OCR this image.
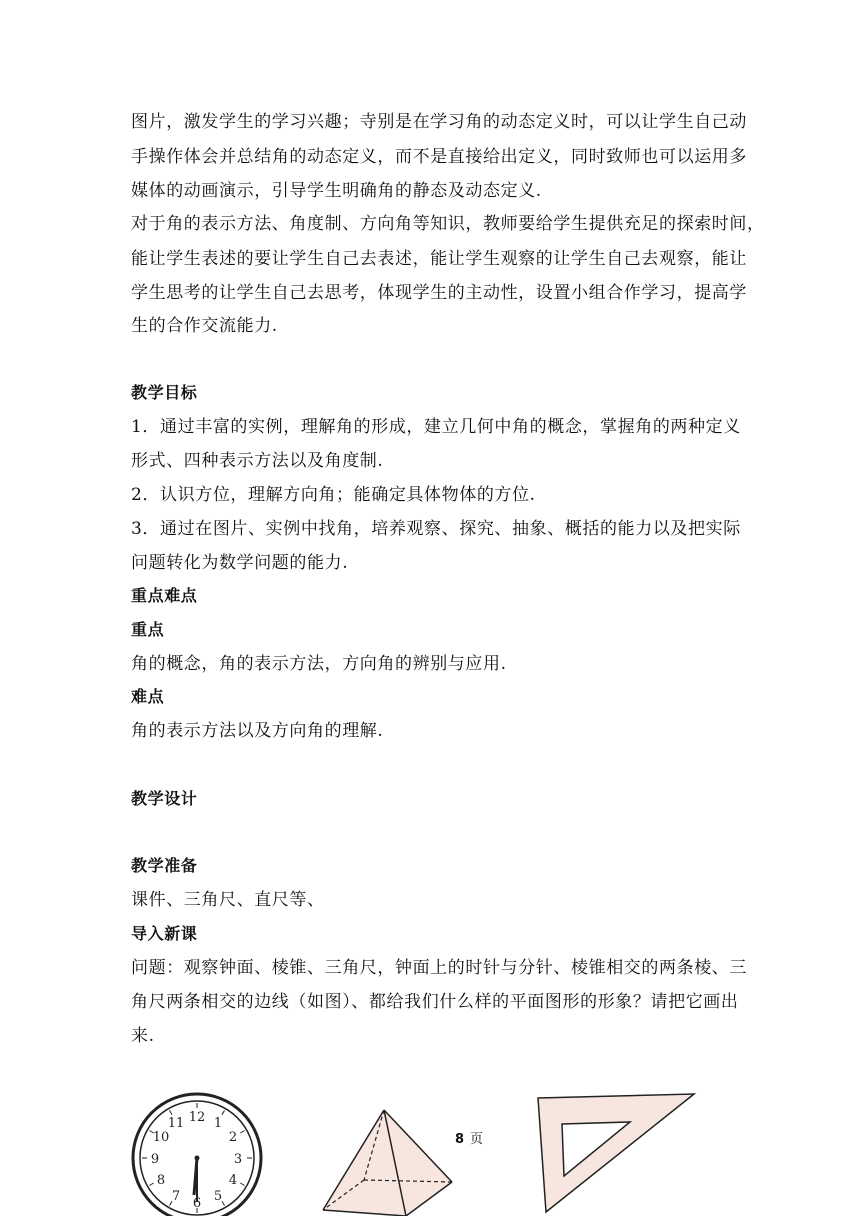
图片，激发学生的学习兴趣；寺别是在学习角的动态定义时，可以让学生自己动
手操作体会并总结角的动态定义，而不是直接给出定义，同时致师也可以运用多
媒体的动画演示，引导学生明确角的静态及动态定义.
对于角的表示方法、角度制、方向角等知识，教师要给学生提供充足的探索时间，
能让学生表述的要让学生自己去表述，能让学生观察的让学生自己去观察，能让
学生思考的让学生自己去思考，体现学生的主动性，设置小组合作学习，提高学
生的合作交流能力.
教学目标
1．通过丰富的实例，理解角的形成，建立几何中角的概念，掌握角的两种定义
形式、四种表示方法以及角度制.
2．认识方位，理解方向角；能确定具体物体的方位.
3．通过在图片、实例中找角，培养观察、探究、抽象、概括的能力以及把实际
问题转化为数学问题的能力.
重点难点
重点
角的概念，角的表示方法，方向角的辨别与应用.
难点
角的表示方法以及方向角的理解.
教学设计
教学准备
课件、三角尺、直尺等、
导入新课
问题：观察钟面、棱锥、三角尺，钟面上的时针与分针、棱锥相交的两条棱、三
角尺两条相交的边线（如图）、都给我们什么样的平面图形的形象？请把它画出
来.
12 1
2
3
4
5
6
7
8
9
10
11
8 页
